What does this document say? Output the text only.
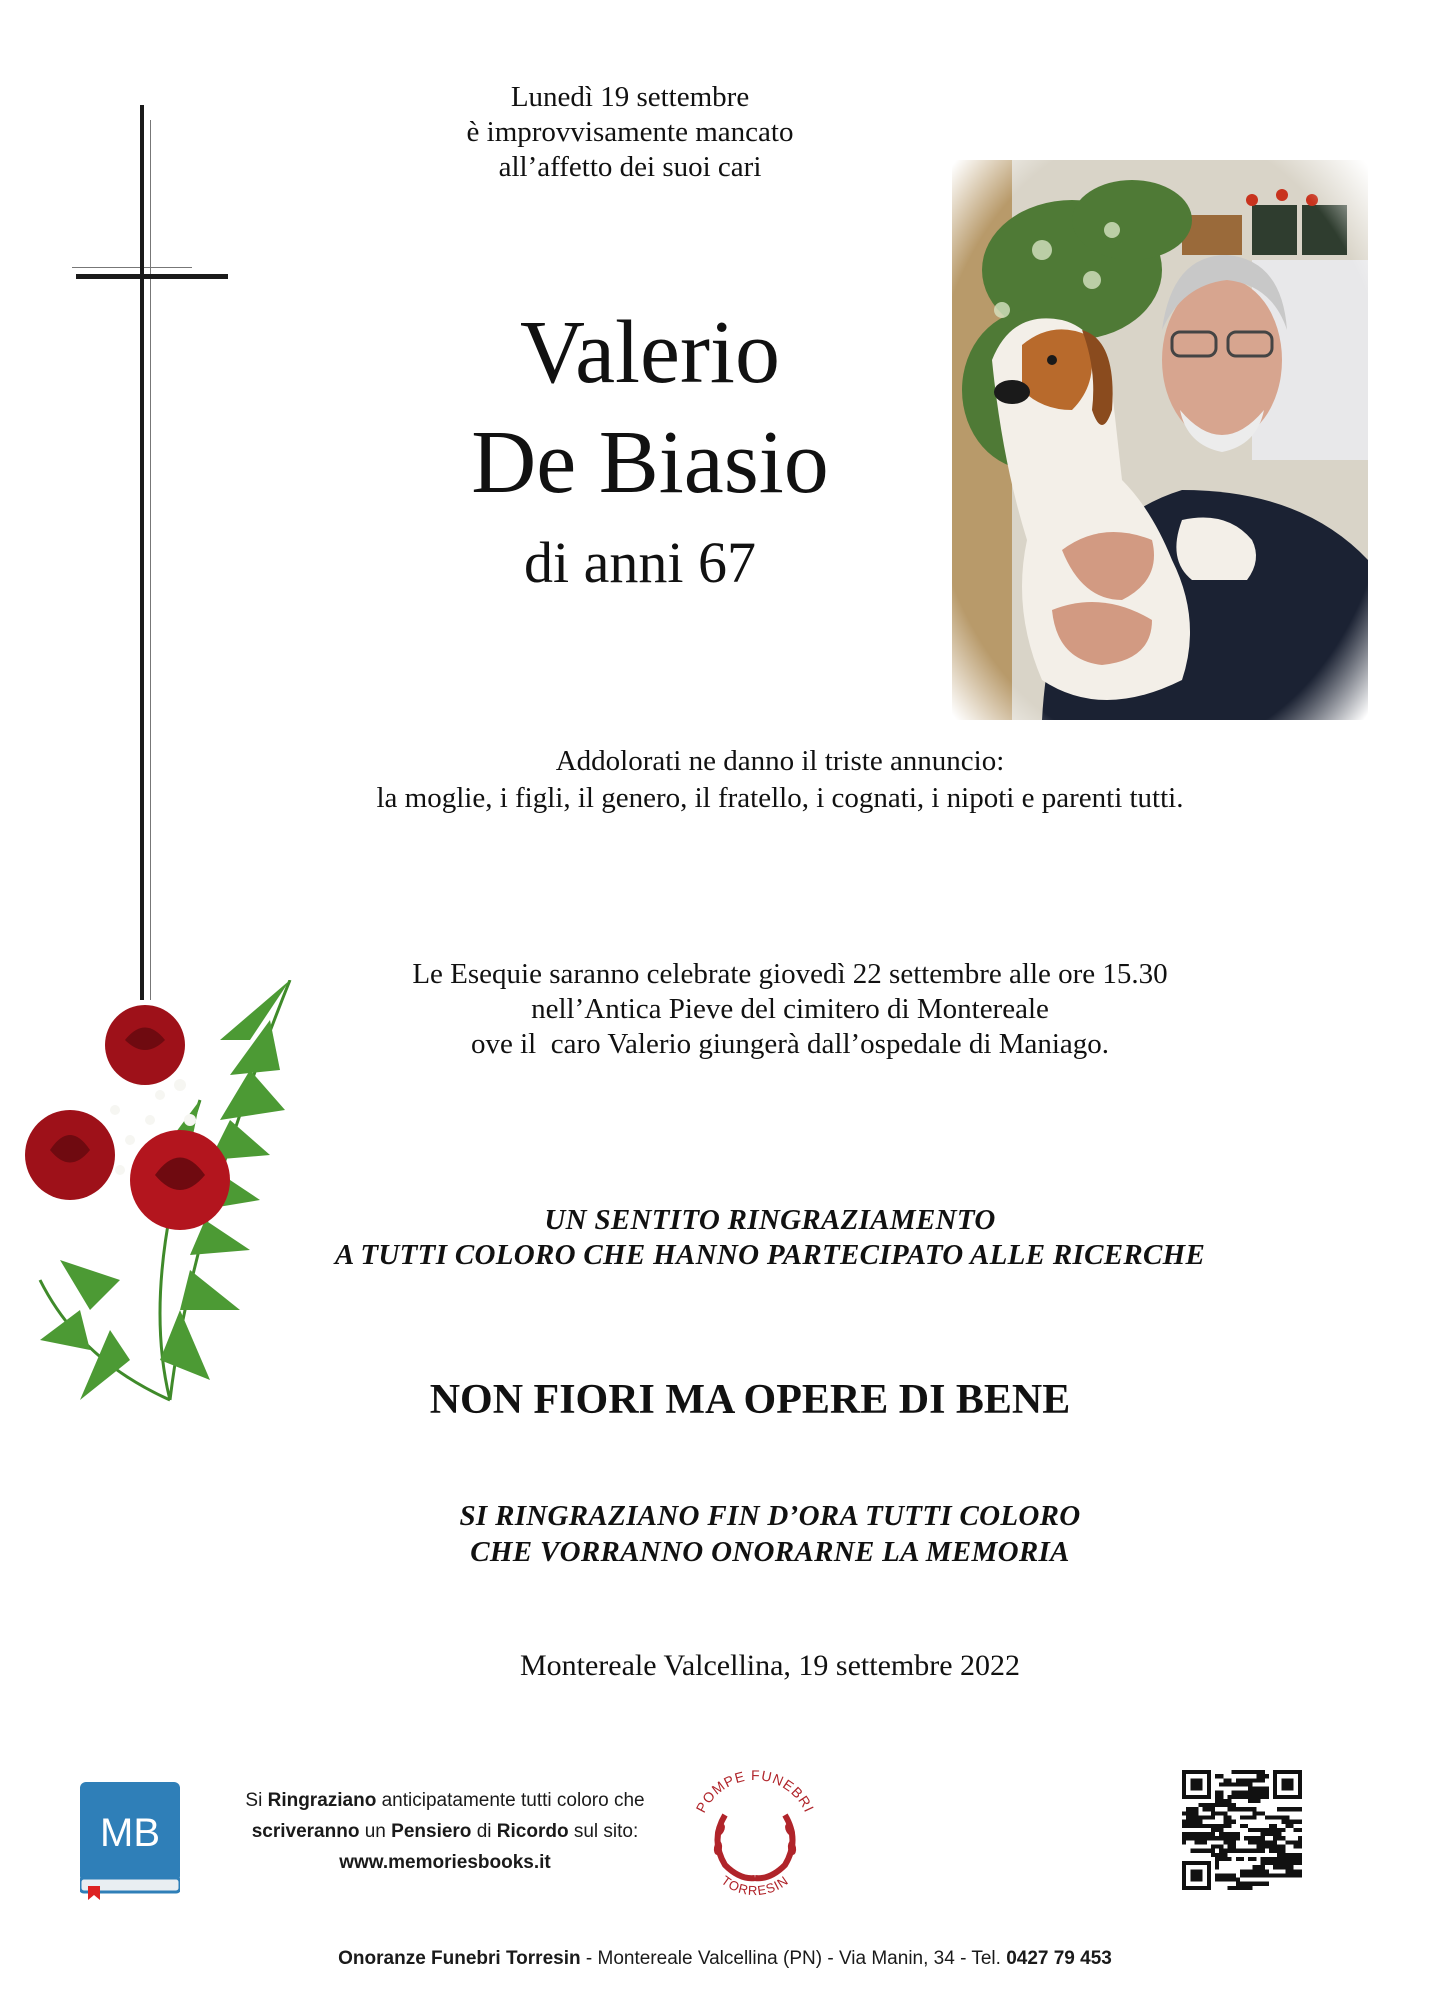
Lunedì 19 settembre
è improvvisamente mancato
all’affetto dei suoi cari
Valerio
De Biasio
di anni 67
Addolorati ne danno il triste annuncio:
la moglie, i figli, il genero, il fratello, i cognati, i nipoti e parenti tutti.
Le Esequie saranno celebrate giovedì 22 settembre alle ore 15.30
nell’Antica Pieve del cimitero di Montereale
ove il  caro Valerio giungerà dall’ospedale di Maniago.
UN SENTITO RINGRAZIAMENTO
A TUTTI COLORO CHE HANNO PARTECIPATO ALLE RICERCHE
NON FIORI MA OPERE DI BENE
SI RINGRAZIANO FIN D’ORA TUTTI COLORO
CHE VORRANNO ONORARNE LA MEMORIA
Montereale Valcellina, 19 settembre 2022
MB
Si Ringraziano anticipatamente tutti coloro che
scriveranno un Pensiero di Ricordo sul sito:
www.memoriesbooks.it
POMPE FUNEBRI
TORRESIN
Onoranze Funebri Torresin - Montereale Valcellina (PN) - Via Manin, 34 - Tel. 0427 79 453
